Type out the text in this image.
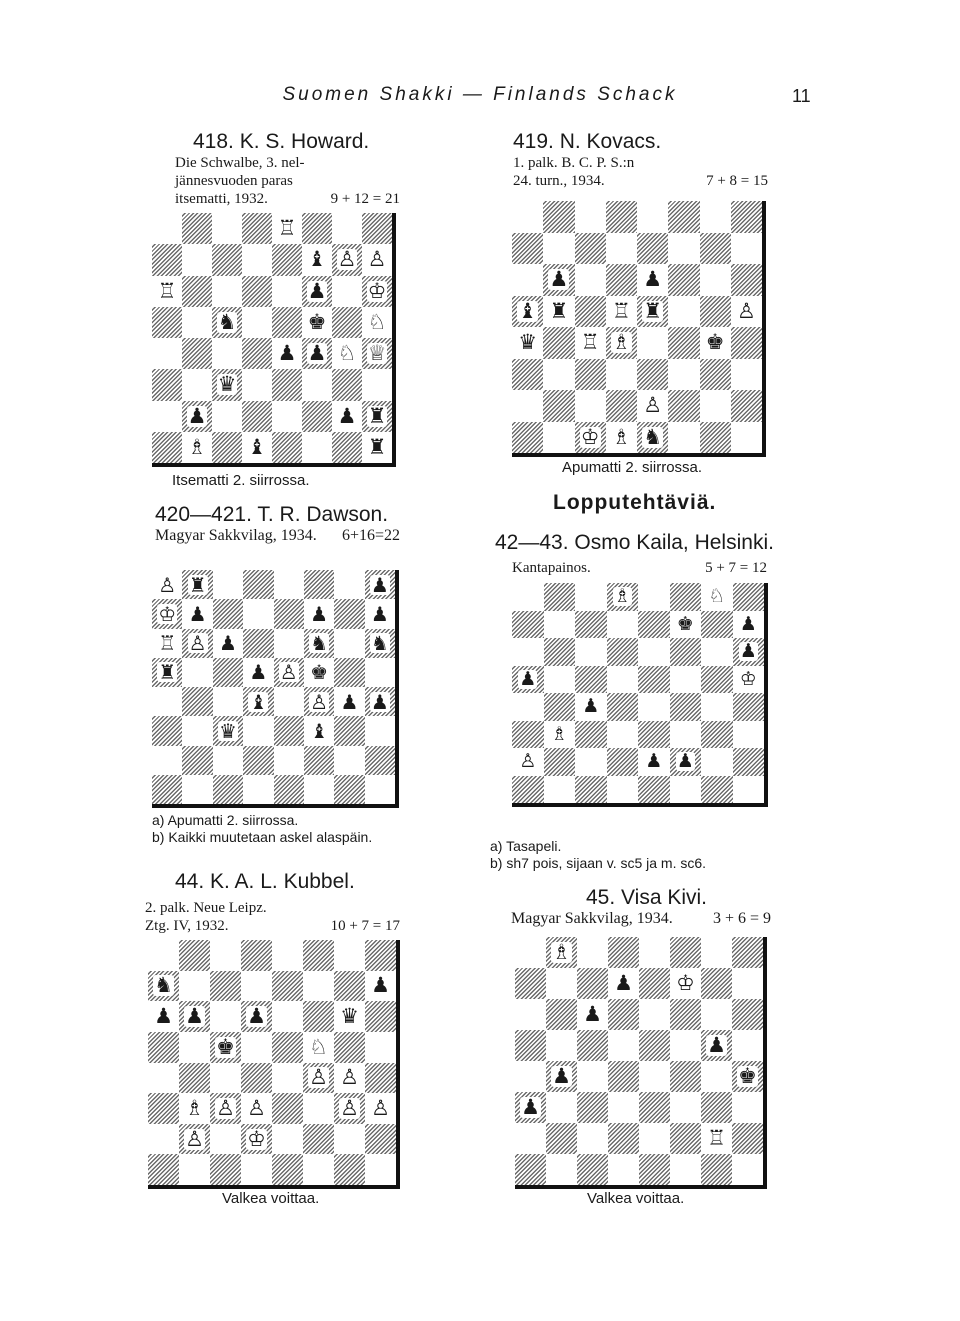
Suomen Shakki — Finlands Schack	11
418. K. S. Howard.
Die Schwalbe, 3. nel-
jännesvuoden paras
itsematti, 1932.	9 + 12 = 21
♖
♝ ♙ ♙
♖	♟ ♔
♞	♚ ♘
♟ ♟ ♘ ♕
♛
♟	♟ ♜
♗ ♝	♜
Itsematti 2. siirrossa.
419. N. Kovacs.
1. palk. B. C. P. S.:n
24. turn., 1934.	7 + 8 = 15
♟	♟
♝ ♜ ♖ ♜	♙
♛ ♖ ♗	♚
♙
♔ ♗ ♞
Apumatti 2. siirrossa.
420—421. T. R. Dawson.
Magyar Sakkvilag, 1934. 6+16=22
♙ ♜	♟
♔ ♟	♟ ♟
♖ ♙ ♟	♞ ♞
♜	♟ ♙ ♚
♝ ♙ ♟ ♟
♛	♝
a) Apumatti 2. siirrossa.
b) Kaikki muutetaan askel alaspäin.
Lopputehtäviä.
42—43. Osmo Kaila, Helsinki.
Kantapainos.	5 + 7 = 12
♗	♘
♚ ♟
♟
♟	♔
♟
♗
♙	♟ ♟
a) Tasapeli.
b) sh7 pois, sijaan v. sc5 ja m. sc6.
44. K. A. L. Kubbel.
2. palk. Neue Leipz.
Ztg. IV, 1932.	10 + 7 = 17
♞	♟
♟ ♟ ♟	♛
♚	♘
♙ ♙
♗ ♙ ♙	♙ ♙
♙ ♔
Valkea voittaa.
45. Visa Kivi.
Magyar Sakkvilag, 1934.	3 + 6 = 9
♗
♟ ♔
♟
♟
♟	♚
♟
♖
Valkea voittaa.
